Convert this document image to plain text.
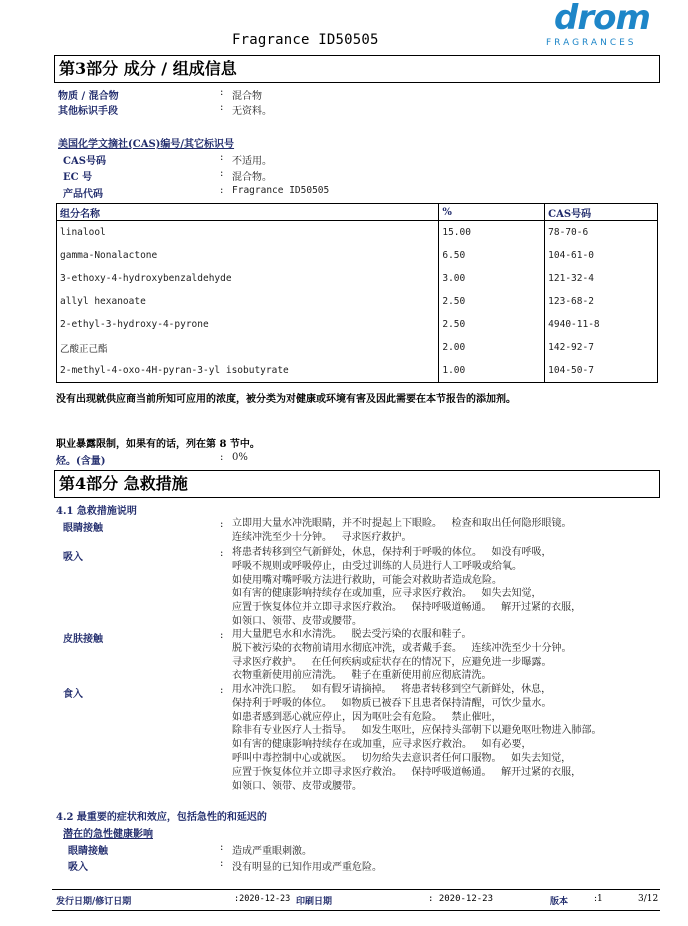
Fragrance ID50505
drom
FRAGRANCES
第3部分 成分 / 组成信息
物质 / 混合物	: 混合物
其他标识手段	: 无资料。
美国化学文摘社(CAS)编号/其它标识号
CAS号码	: 不适用。
EC 号	: 混合物。
产品代码	: Fragrance ID50505
组分名称	%	CAS号码
linalool	15.00	78-70-6
gamma-Nonalactone	6.50	104-61-0
3-ethoxy-4-hydroxybenzaldehyde	3.00	121-32-4
allyl hexanoate	2.50	123-68-2
2-ethyl-3-hydroxy-4-pyrone	2.50	4940-11-8
乙酸正己酯	2.00	142-92-7
2-methyl-4-oxo-4H-pyran-3-yl isobutyrate	1.00	104-50-7
没有出现就供应商当前所知可应用的浓度，被分类为对健康或环境有害及因此需要在本节报告的添加剂。
职业暴露限制，如果有的话，列在第 8 节中。
烃。(含量)	: 0%
第4部分 急救措施
4.1 急救措施说明
眼睛接触	: 立即用大量水冲洗眼睛，并不时提起上下眼睑。   检查和取出任何隐形眼镜。
连续冲洗至少十分钟。   寻求医疗救护。
吸入	: 将患者转移到空气新鲜处，休息，保持利于呼吸的体位。   如没有呼吸，
呼吸不规则或呼吸停止，由受过训练的人员进行人工呼吸或给氧。
如使用嘴对嘴呼吸方法进行救助，可能会对救助者造成危险。
如有害的健康影响持续存在或加重，应寻求医疗救治。   如失去知觉，
应置于恢复体位并立即寻求医疗救治。   保持呼吸道畅通。   解开过紧的衣服，
如领口、领带、皮带或腰带。
皮肤接触	: 用大量肥皂水和水清洗。   脱去受污染的衣服和鞋子。
脱下被污染的衣物前请用水彻底冲洗，或者戴手套。   连续冲洗至少十分钟。
寻求医疗救护。   在任何疾病或症状存在的情况下，应避免进一步曝露。
衣物重新使用前应清洗。   鞋子在重新使用前应彻底清洗。
食入	: 用水冲洗口腔。   如有假牙请摘掉。   将患者转移到空气新鲜处，休息，
保持利于呼吸的体位。   如物质已被吞下且患者保持清醒，可饮少量水。
如患者感到恶心就应停止，因为呕吐会有危险。   禁止催吐，
除非有专业医疗人士指导。   如发生呕吐，应保持头部朝下以避免呕吐物进入肺部。
如有害的健康影响持续存在或加重，应寻求医疗救治。   如有必要，
呼叫中毒控制中心或就医。   切勿给失去意识者任何口服物。   如失去知觉，
应置于恢复体位并立即寻求医疗救治。   保持呼吸道畅通。   解开过紧的衣服，
如领口、领带、皮带或腰带。
4.2 最重要的症状和效应，包括急性的和延迟的
潜在的急性健康影响
眼睛接触	: 造成严重眼刺激。
吸入	: 没有明显的已知作用或严重危险。
发行日期/修订日期	:2020-12-23 印刷日期	: 2020-12-23	版本	:1	3/12
